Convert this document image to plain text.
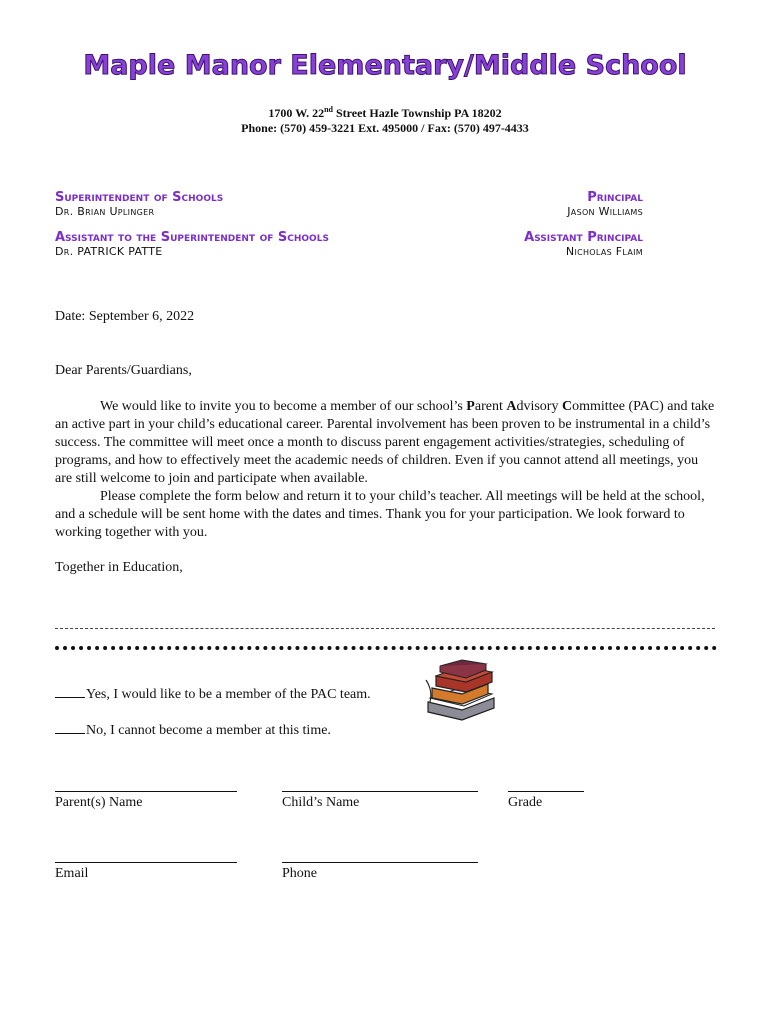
Maple Manor Elementary/Middle School
1700 W. 22nd Street Hazle Township PA 18202
Phone: (570) 459-3221 Ext. 495000 / Fax: (570) 497-4433
Superintendent of Schools
Dr. Brian Uplinger
Assistant to the Superintendent of Schools
Dr. PATRICK PATTE
Principal
Jason Williams
Assistant Principal
Nicholas Flaim
Date: September 6, 2022
Dear Parents/Guardians,
We would like to invite you to become a member of our school’s Parent Advisory Committee (PAC) and take an active part in your child’s educational career. Parental involvement has been proven to be instrumental in a child’s success. The committee will meet once a month to discuss parent engagement activities/strategies, scheduling of programs, and how to effectively meet the academic needs of children. Even if you cannot attend all meetings, you are still welcome to join and participate when available.
Please complete the form below and return it to your child’s teacher. All meetings will be held at the school, and a schedule will be sent home with the dates and times. Thank you for your participation. We look forward to working together with you.
Together in Education,
Yes, I would like to be a member of the PAC team.
No, I cannot become a member at this time.
Parent(s) Name	Child’s Name	Grade
Email	Phone
